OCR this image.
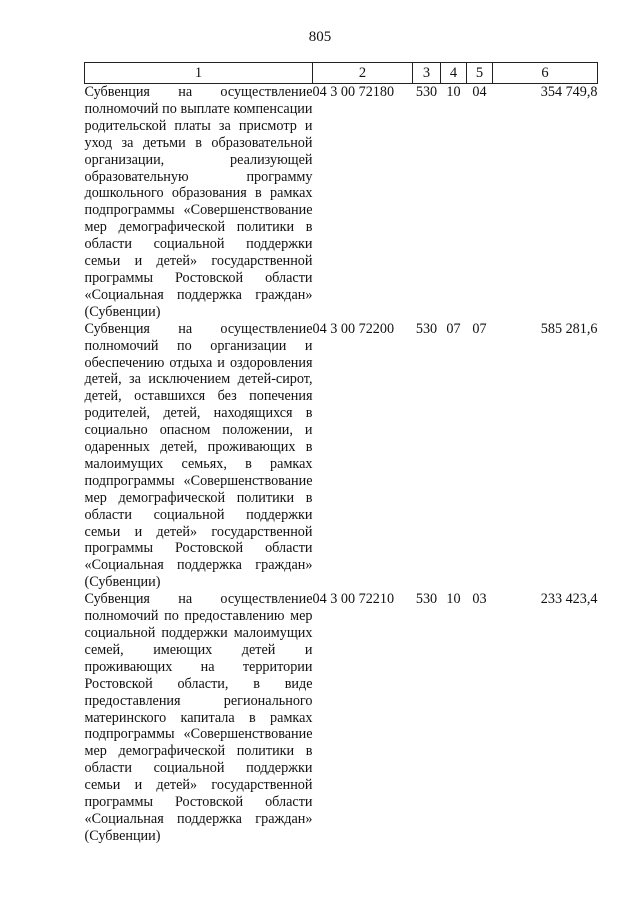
805
1	2	3	4	5	6
Субвенция на осуществление полномочий по выплате компенсации родительской платы за присмотр и уход за детьми в образовательной организации, реализующей образовательную программу дошкольного образования в рамках подпрограммы «Совершенствование мер демографической политики в области социальной поддержки семьи и детей» государственной программы Ростовской области «Социальная поддержка граждан» (Субвенции)	04 3 00 72180	530	10	04	354 749,8
Субвенция на осуществление полномочий по организации и обеспечению отдыха и оздоровления детей, за исключением детей-сирот, детей, оставшихся без попечения родителей, детей, находящихся в социально опасном положении, и одаренных детей, проживающих в малоимущих семьях, в рамках подпрограммы «Совершенствование мер демографической политики в области социальной поддержки семьи и детей» государственной программы Ростовской области «Социальная поддержка граждан» (Субвенции)	04 3 00 72200	530	07	07	585 281,6
Субвенция на осуществление полномочий по предоставлению мер социальной поддержки малоимущих семей, имеющих детей и проживающих на территории Ростовской области, в виде предоставления регионального материнского капитала в рамках подпрограммы «Совершенствование мер демографической политики в области социальной поддержки семьи и детей» государственной программы Ростовской области «Социальная поддержка граждан» (Субвенции)	04 3 00 72210	530	10	03	233 423,4
